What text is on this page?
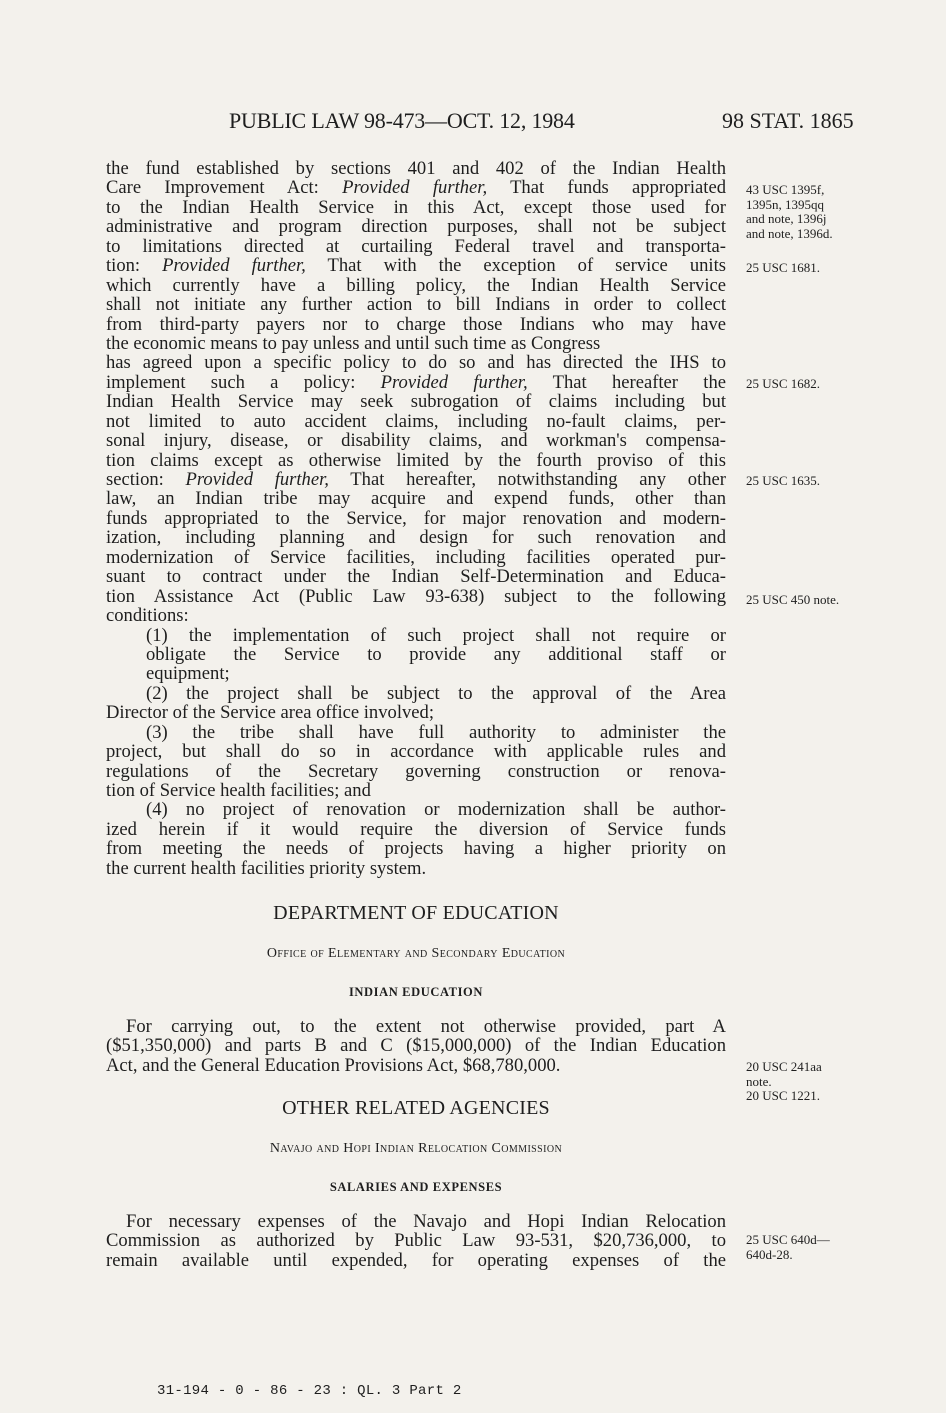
PUBLIC LAW 98-473—OCT. 12, 1984	98 STAT. 1865
the fund established by sections 401 and 402 of the Indian Health
Care Improvement Act: Provided further, That funds appropriated
to the Indian Health Service in this Act, except those used for
administrative and program direction purposes, shall not be subject
to limitations directed at curtailing Federal travel and transporta-
tion: Provided further, That with the exception of service units
which currently have a billing policy, the Indian Health Service
shall not initiate any further action to bill Indians in order to collect
from third-party payers nor to charge those Indians who may have
the economic means to pay unless and until such time as Congress
has agreed upon a specific policy to do so and has directed the IHS to
implement such a policy: Provided further, That hereafter the
Indian Health Service may seek subrogation of claims including but
not limited to auto accident claims, including no-fault claims, per-
sonal injury, disease, or disability claims, and workman's compensa-
tion claims except as otherwise limited by the fourth proviso of this
section: Provided further, That hereafter, notwithstanding any other
law, an Indian tribe may acquire and expend funds, other than
funds appropriated to the Service, for major renovation and modern-
ization, including planning and design for such renovation and
modernization of Service facilities, including facilities operated pur-
suant to contract under the Indian Self-Determination and Educa-
tion Assistance Act (Public Law 93-638) subject to the following
conditions:
(1) the implementation of such project shall not require or
obligate the Service to provide any additional staff or
equipment;
(2) the project shall be subject to the approval of the Area
Director of the Service area office involved;
(3) the tribe shall have full authority to administer the
project, but shall do so in accordance with applicable rules and
regulations of the Secretary governing construction or renova-
tion of Service health facilities; and
(4) no project of renovation or modernization shall be author-
ized herein if it would require the diversion of Service funds
from meeting the needs of projects having a higher priority on
the current health facilities priority system.
DEPARTMENT OF EDUCATION
Office of Elementary and Secondary Education
INDIAN EDUCATION
For carrying out, to the extent not otherwise provided, part A
($51,350,000) and parts B and C ($15,000,000) of the Indian Education
Act, and the General Education Provisions Act, $68,780,000.
OTHER RELATED AGENCIES
Navajo and Hopi Indian Relocation Commission
SALARIES AND EXPENSES
For necessary expenses of the Navajo and Hopi Indian Relocation
Commission as authorized by Public Law 93-531, $20,736,000, to
remain available until expended, for operating expenses of the
43 USC 1395f,
1395n, 1395qq
and note, 1396j
and note, 1396d.
25 USC 1681.
25 USC 1682.
25 USC 1635.
25 USC 450 note.
20 USC 241aa
note.
20 USC 1221.
25 USC 640d—
640d-28.
31-194 - 0 - 86 - 23 : QL. 3 Part 2
